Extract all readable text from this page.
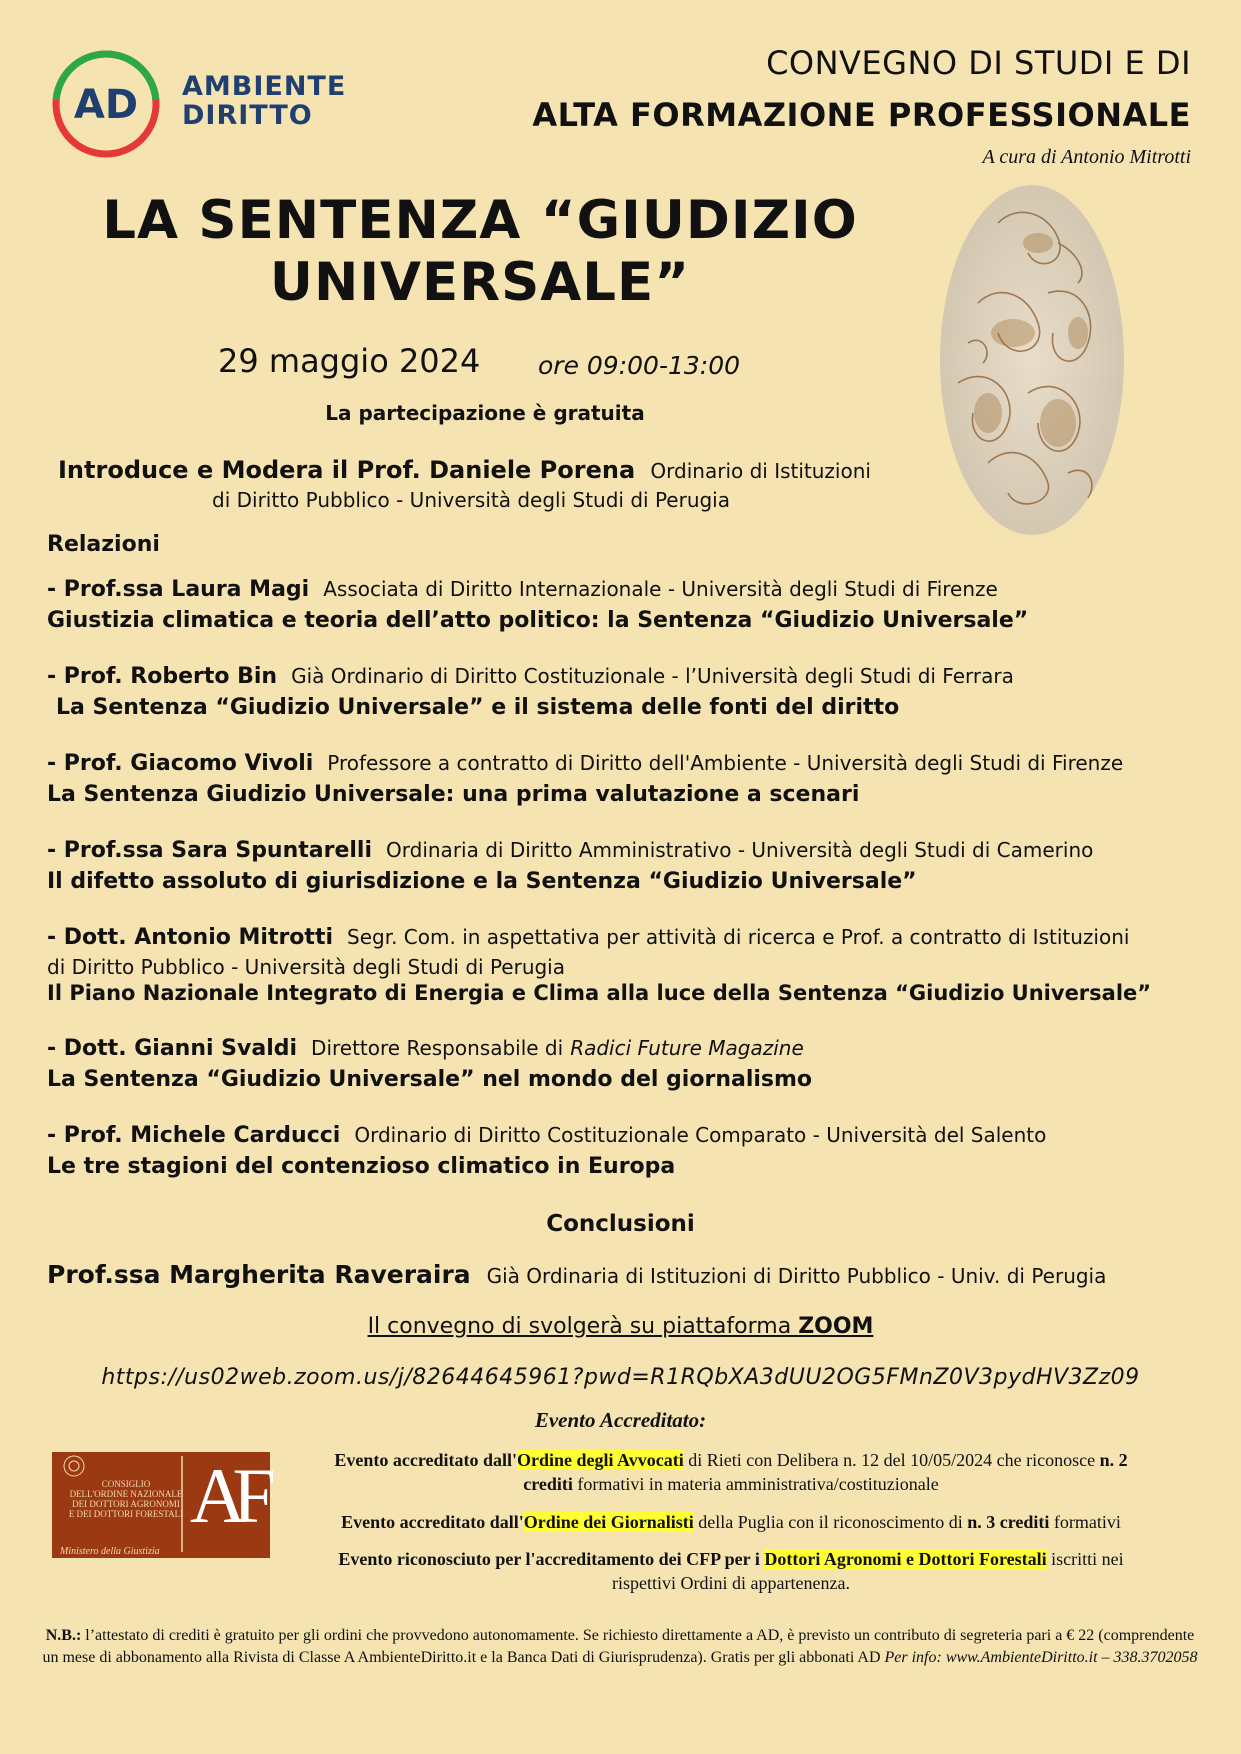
AD AMBIENTE
DIRITTO
CONVEGNO DI STUDI E DI
ALTA FORMAZIONE PROFESSIONALE
A cura di Antonio Mitrotti
LA SENTENZA “GIUDIZIO
UNIVERSALE”
29 maggio 2024 ore 09:00-13:00
La partecipazione è gratuita
Introduce e Modera il Prof. Daniele Porena Ordinario di Istituzioni
di Diritto Pubblico - Università degli Studi di Perugia
Relazioni
- Prof.ssa Laura Magi Associata di Diritto Internazionale - Università degli Studi di Firenze
Giustizia climatica e teoria dell’atto politico: la Sentenza “Giudizio Universale”
- Prof. Roberto Bin Già Ordinario di Diritto Costituzionale - l’Università degli Studi di Ferrara
La Sentenza “Giudizio Universale” e il sistema delle fonti del diritto
- Prof. Giacomo Vivoli Professore a contratto di Diritto dell'Ambiente - Università degli Studi di Firenze
La Sentenza Giudizio Universale: una prima valutazione a scenari
- Prof.ssa Sara Spuntarelli Ordinaria di Diritto Amministrativo - Università degli Studi di Camerino
Il difetto assoluto di giurisdizione e la Sentenza “Giudizio Universale”
- Dott. Antonio Mitrotti Segr. Com. in aspettativa per attività di ricerca e Prof. a contratto di Istituzioni
di Diritto Pubblico - Università degli Studi di Perugia
Il Piano Nazionale Integrato di Energia e Clima alla luce della Sentenza “Giudizio Universale”
- Dott. Gianni Svaldi Direttore Responsabile di Radici Future Magazine
La Sentenza “Giudizio Universale” nel mondo del giornalismo
- Prof. Michele Carducci Ordinario di Diritto Costituzionale Comparato - Università del Salento
Le tre stagioni del contenzioso climatico in Europa
Conclusioni
Prof.ssa Margherita Raveraira Già Ordinaria di Istituzioni di Diritto Pubblico - Univ. di Perugia
Il convegno di svolgerà su piattaforma ZOOM
https://us02web.zoom.us/j/82644645961?pwd=R1RQbXA3dUU2OG5FMnZ0V3pydHV3Zz09
Evento Accreditato:
CONSIGLIO
DELL'ORDINE NAZIONALE
DEI DOTTORI AGRONOMI
E DEI DOTTORI FORESTALI AF
Ministero della Giustizia
Evento accreditato dall'Ordine degli Avvocati di Rieti con Delibera n. 12 del 10/05/2024 che riconosce n. 2
crediti formativi in materia amministrativa/costituzionale
Evento accreditato dall'Ordine dei Giornalisti della Puglia con il riconoscimento di n. 3 crediti formativi
Evento riconosciuto per l'accreditamento dei CFP per i Dottori Agronomi e Dottori Forestali iscritti nei
rispettivi Ordini di appartenenza.
N.B.: l’attestato di crediti è gratuito per gli ordini che provvedono autonomamente. Se richiesto direttamente a AD, è previsto un contributo di segreteria pari a € 22 (comprendente un mese di abbonamento alla Rivista di Classe A AmbienteDiritto.it e la Banca Dati di Giurisprudenza). Gratis per gli abbonati AD Per info: www.AmbienteDiritto.it – 338.3702058
